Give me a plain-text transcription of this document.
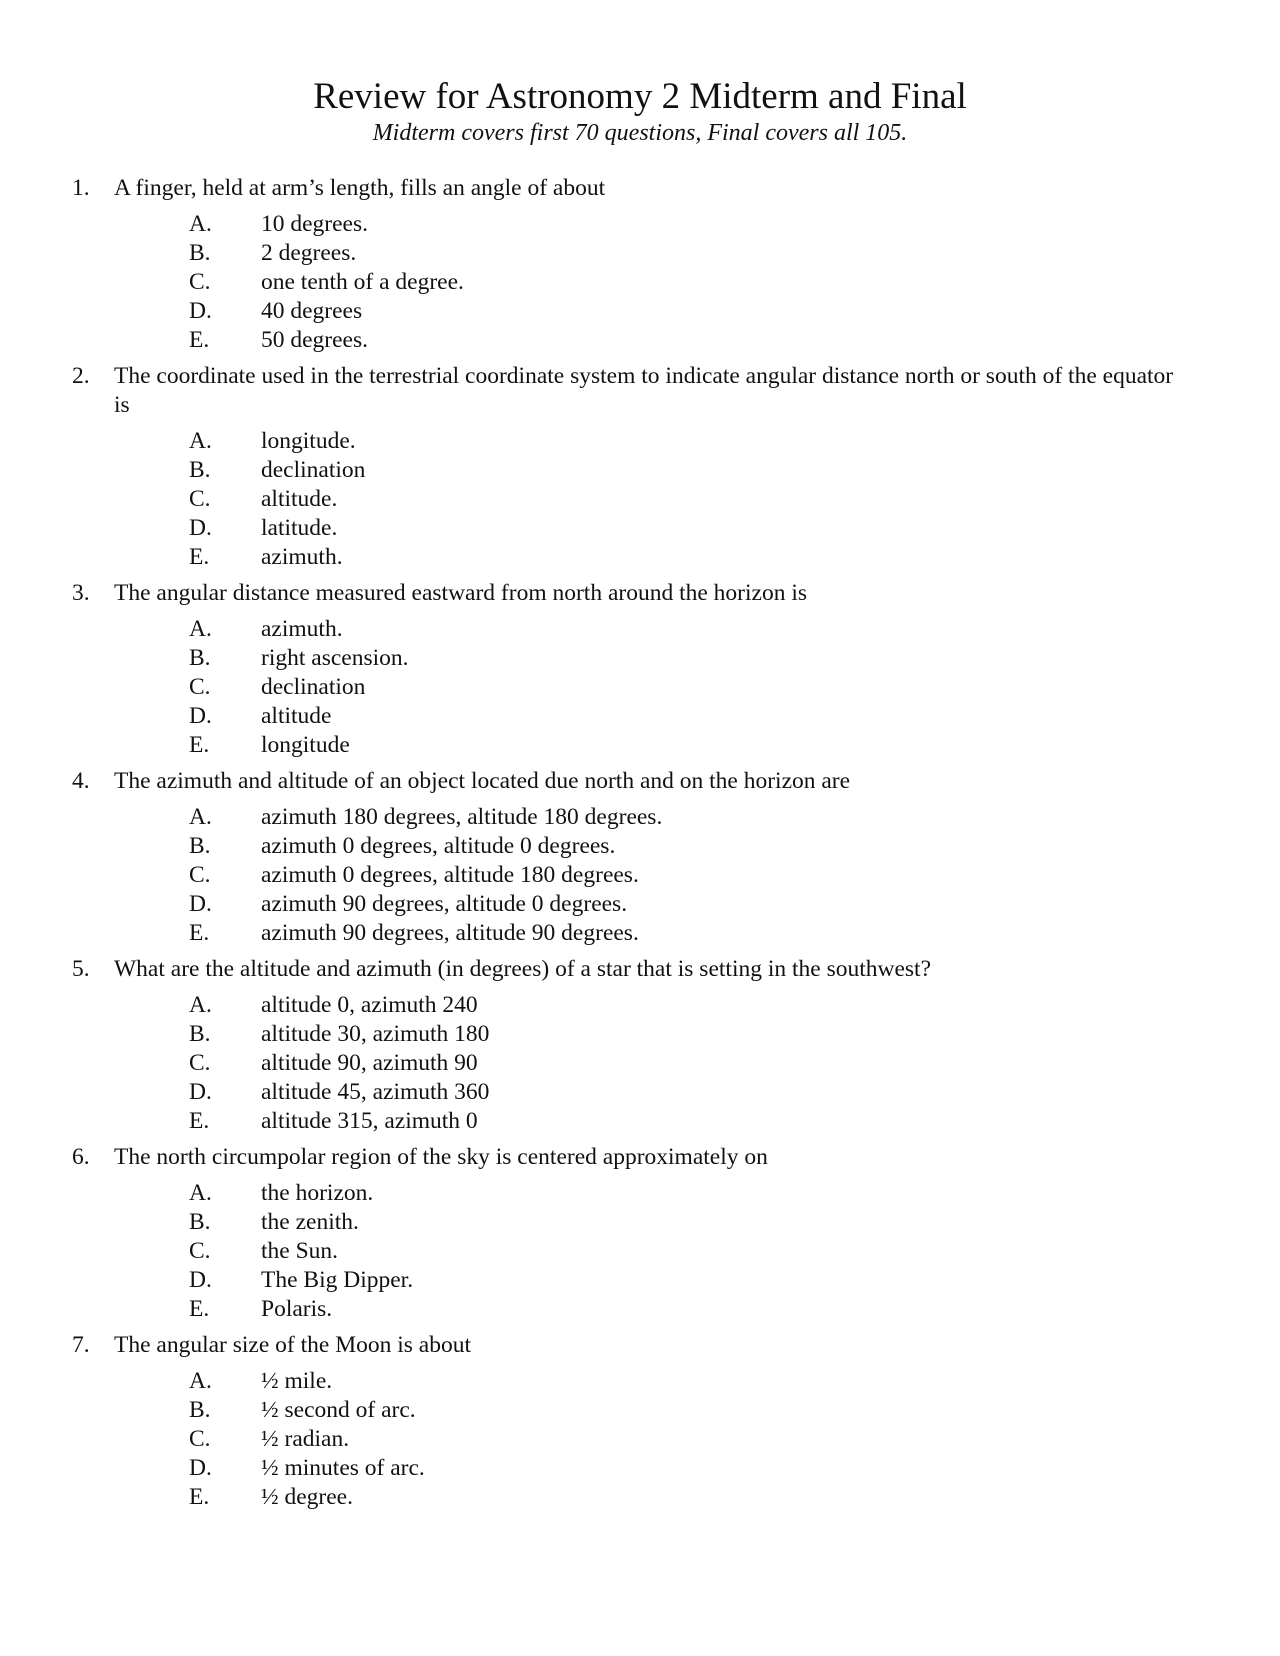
Review for Astronomy 2 Midterm and Final
Midterm covers first 70 questions, Final covers all 105.
1. A finger, held at arm’s length, fills an angle of about
A. 10 degrees.
B. 2 degrees.
C. one tenth of a degree.
D. 40 degrees
E. 50 degrees.
2. The coordinate used in the terrestrial coordinate system to indicate angular distance north or south of the equator is
A. longitude.
B. declination
C. altitude.
D. latitude.
E. azimuth.
3. The angular distance measured eastward from north around the horizon is
A. azimuth.
B. right ascension.
C. declination
D. altitude
E. longitude
4. The azimuth and altitude of an object located due north and on the horizon are
A. azimuth 180 degrees, altitude 180 degrees.
B. azimuth 0 degrees, altitude 0 degrees.
C. azimuth 0 degrees, altitude 180 degrees.
D. azimuth 90 degrees, altitude 0 degrees.
E. azimuth 90 degrees, altitude 90 degrees.
5. What are the altitude and azimuth (in degrees) of a star that is setting in the southwest?
A. altitude 0, azimuth 240
B. altitude 30, azimuth 180
C. altitude 90, azimuth 90
D. altitude 45, azimuth 360
E. altitude 315, azimuth 0
6. The north circumpolar region of the sky is centered approximately on
A. the horizon.
B. the zenith.
C. the Sun.
D. The Big Dipper.
E. Polaris.
7. The angular size of the Moon is about
A. ½ mile.
B. ½ second of arc.
C. ½ radian.
D. ½ minutes of arc.
E. ½ degree.
